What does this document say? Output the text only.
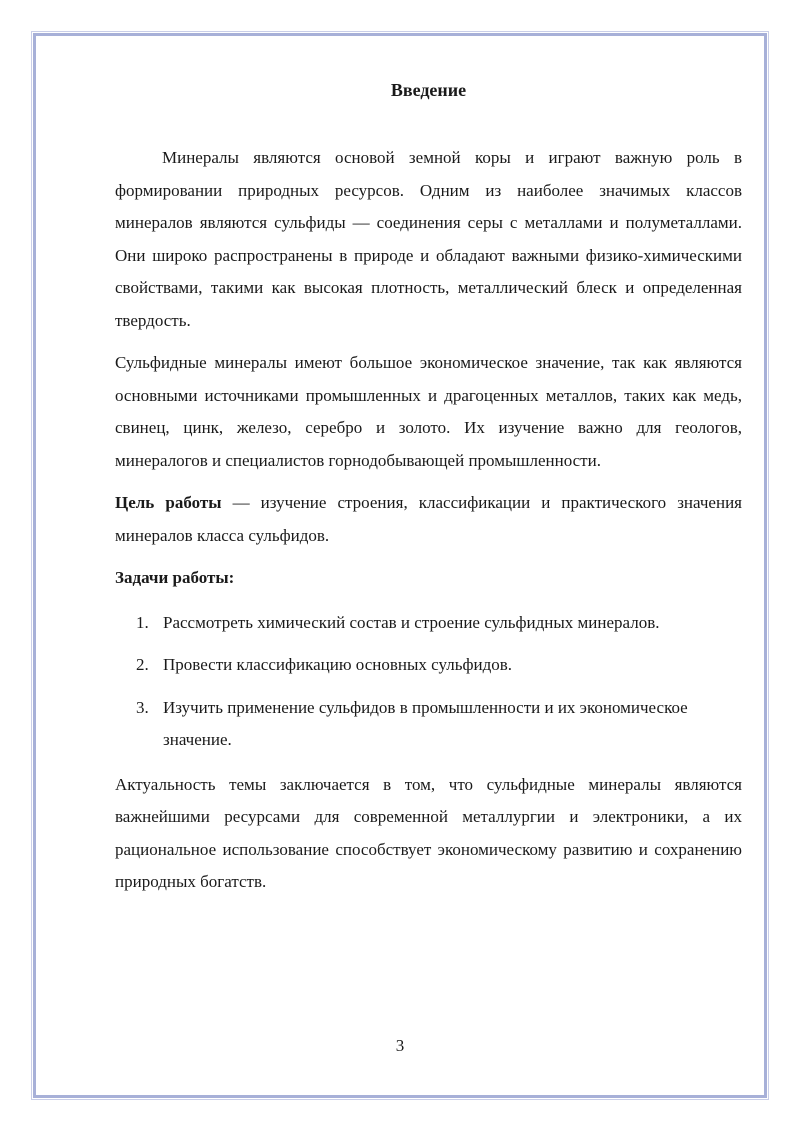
Введение

Минералы являются основой земной коры и играют важную роль в формировании природных ресурсов. Одним из наиболее значимых классов минералов являются сульфиды — соединения серы с металлами и полуметаллами. Они широко распространены в природе и обладают важными физико-химическими свойствами, такими как высокая плотность, металлический блеск и определенная твердость.

Сульфидные минералы имеют большое экономическое значение, так как являются основными источниками промышленных и драгоценных металлов, таких как медь, свинец, цинк, железо, серебро и золото. Их изучение важно для геологов, минералогов и специалистов горнодобывающей промышленности.

Цель работы — изучение строения, классификации и практического значения минералов класса сульфидов.

Задачи работы:

1. Рассмотреть химический состав и строение сульфидных минералов.
2. Провести классификацию основных сульфидов.
3. Изучить применение сульфидов в промышленности и их экономическое значение.

Актуальность темы заключается в том, что сульфидные минералы являются важнейшими ресурсами для современной металлургии и электроники, а их рациональное использование способствует экономическому развитию и сохранению природных богатств.

3
